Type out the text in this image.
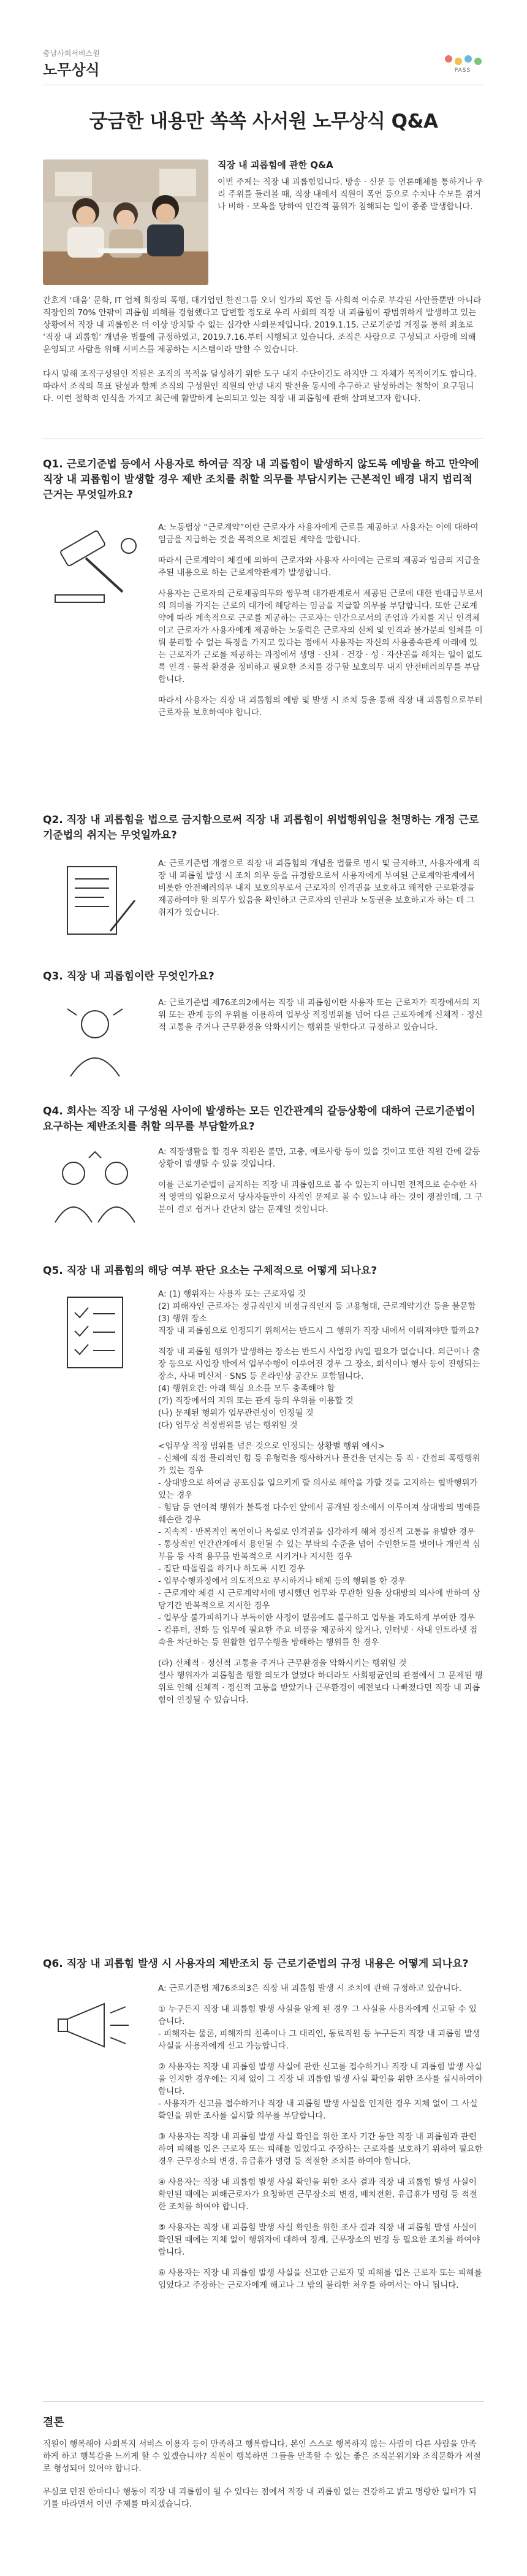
충남사회서비스원
노무상식	PASS
궁금한 내용만 쏙쏙 사서원 노무상식 Q&A
직장 내 괴롭힘에 관한 Q&A

이번 주제는 직장 내 괴롭힘입니다. 방송 · 신문 등 언론매체를 통하거나 우리 주위를 둘러볼 때, 직장 내에서 직원이 폭언 등으로 수치나 수모를 겪거나 비하 · 모욕을 당하여 인간적 품위가 침해되는 일이 종종 발생합니다.

간호계 ‘태움’ 문화, IT 업체 회장의 폭행, 대기업인 한진그룹 오너 일가의 폭언 등 사회적 이슈로 부각된 사안들뿐만 아니라 직장인의 70% 안팎이 괴롭힘 피해를 경험했다고 답변할 정도로 우리 사회의 직장 내 괴롭힘이 광범위하게 발생하고 있는 상황에서 직장 내 괴롭힘은 더 이상 방치할 수 없는 심각한 사회문제입니다. 2019.1.15. 근로기준법 개정을 통해 최초로 ‘직장 내 괴롭힘’ 개념을 법률에 규정하였고, 2019.7.16.부터 시행되고 있습니다. 조직은 사람으로 구성되고 사람에 의해 운영되고 사람을 위해 서비스를 제공하는 시스템이라 말할 수 있습니다.

다시 말해 조직구성원인 직원은 조직의 목적을 달성하기 위한 도구 내지 수단이긴도 하지만 그 자체가 목적이기도 합니다. 따라서 조직의 목표 달성과 함께 조직의 구성원인 직원의 안녕 내지 발전을 동시에 추구하고 달성하려는 철학이 요구됩니다. 이런 철학적 인식을 가지고 최근에 활발하게 논의되고 있는 직장 내 괴롭힘에 관해 살펴보고자 합니다.

Q1. 근로기준법 등에서 사용자로 하여금 직장 내 괴롭힘이 발생하지 않도록 예방을 하고 만약에 직장 내 괴롭힘이 발생할 경우 제반 조치를 취할 의무를 부담시키는 근본적인 배경 내지 법리적 근거는 무엇일까요?

A: 노동법상 “근로계약”이란 근로자가 사용자에게 근로를 제공하고 사용자는 이에 대하여 임금을 지급하는 것을 목적으로 체결된 계약을 말합니다.

따라서 근로계약이 체결에 의하여 근로자와 사용자 사이에는 근로의 제공과 임금의 지급을 주된 내용으로 하는 근로계약관계가 발생합니다.

사용자는 근로자의 근로제공의무와 쌍무적 대가관계로서 제공된 근로에 대한 반대급부로서의 의미를 가지는 근로의 대가에 해당하는 임금을 지급할 의무를 부담합니다. 또한 근로계약에 따라 계속적으로 근로를 제공하는 근로자는 인간으로서의 존엄과 가치를 지닌 인격체이고 근로자가 사용자에게 제공하는 노동력은 근로자의 신체 및 인격과 불가분의 일체를 이뤄 분리할 수 없는 특징을 가지고 있다는 점에서 사용자는 자신의 사용종속관계 아래에 있는 근로자가 근로를 제공하는 과정에서 생명 · 신체 · 건강 · 성 · 자산권을 해치는 일이 없도록 인격 · 물적 환경을 정비하고 필요한 조치를 강구할 보호의무 내지 안전배려의무를 부담합니다.

따라서 사용자는 직장 내 괴롭힘의 예방 및 발생 시 조치 등을 통해 직장 내 괴롭힘으로부터 근로자를 보호하여야 합니다.

Q2. 직장 내 괴롭힘을 법으로 금지함으로써 직장 내 괴롭힘이 위법행위임을 천명하는 개정 근로기준법의 취지는 무엇일까요?

A: 근로기준법 개정으로 직장 내 괴롭힘의 개념을 법률로 명시 및 금지하고, 사용자에게 직장 내 괴롭힘 발생 시 조치 의무 등을 규정함으로서 사용자에게 부여된 근로계약관계에서 비롯한 안전배려의무 내지 보호의무로서 근로자의 인격권을 보호하고 쾌적한 근로환경을 제공하여야 할 의무가 있음을 확인하고 근로자의 인권과 노동권을 보호하고자 하는 데 그 취지가 있습니다.

Q3. 직장 내 괴롭힘이란 무엇인가요?

A: 근로기준법 제76조의2에서는 직장 내 괴롭힘이란 사용자 또는 근로자가 직장에서의 지위 또는 관계 등의 우위를 이용하여 업무상 적정범위를 넘어 다른 근로자에게 신체적 · 정신적 고통을 주거나 근무환경을 악화시키는 행위를 말한다고 규정하고 있습니다.

Q4. 회사는 직장 내 구성원 사이에 발생하는 모든 인간관계의 갈등상황에 대하여 근로기준법이 요구하는 제반조치를 취할 의무를 부담할까요?

A: 직장생활을 할 경우 직원은 불만, 고충, 애로사항 등이 있을 것이고 또한 직원 간에 갈등상황이 발생할 수 있을 것입니다.

이를 근로기준법이 금지하는 직장 내 괴롭힘으로 볼 수 있는지 아니면 전적으로 순수한 사적 영역의 일환으로서 당사자들만이 사적인 문제로 볼 수 있느냐 하는 것이 쟁점인데, 그 구분이 결코 쉽거나 간단치 않는 문제일 것입니다.

Q5. 직장 내 괴롭힘의 해당 여부 판단 요소는 구체적으로 어떻게 되나요?

A: (1) 행위자는 사용자 또는 근로자일 것
(2) 피해자인 근로자는 정규직인지 비정규직인지 등 고용형태, 근로계약기간 등을 불문함
(3) 행위 장소
직장 내 괴롭힘으로 인정되기 위해서는 반드시 그 행위가 직장 내에서 이뤄져야만 할까요?

직장 내 괴롭힘 행위가 발생하는 장소는 반드시 사업장 內일 필요가 없습니다. 외근이나 출장 등으로 사업장 밖에서 업무수행이 이루어진 경우 그 장소, 회식이나 행사 등이 진행되는 장소, 사내 메신저 · SNS 등 온라인상 공간도 포함됩니다.
(4) 행위요건: 아래 핵심 요소를 모두 충족해야 함
(가) 직장에서의 지위 또는 관계 등의 우위를 이용할 것
(나) 문제된 행위가 업무관련성이 인정될 것
(다) 업무상 적정범위를 넘는 행위일 것

<업무상 적정 범위를 넘은 것으로 인정되는 상황별 행위 예시>
- 신체에 직접 물리적인 힘 등 유형력을 행사하거나 물건을 던지는 등 직 · 간접의 폭행행위가 있는 경우
- 상대방으로 하여금 공포심을 일으키게 할 의사로 해악을 가할 것을 고지하는 협박행위가 있는 경우
- 험담 등 언어적 행위가 불특정 다수인 앞에서 공개된 장소에서 이루어져 상대방의 명예를 훼손한 경우
- 지속적 · 반복적인 폭언이나 욕설로 인격권을 심각하게 해쳐 정신적 고통을 유발한 경우
- 통상적인 인간관계에서 용인될 수 있는 부탁의 수준을 넘어 수인한도를 벗어나 개인적 심부름 등 사적 용무를 반복적으로 시키거나 지시한 경우
- 집단 따돌림을 하거나 하도록 시킨 경우
- 업무수행과정에서 의도적으로 무시하거나 배제 등의 행위를 한 경우
- 근로계약 체결 시 근로계약서에 명시했던 업무와 무관한 일을 상대방의 의사에 반하여 상당기간 반복적으로 지시한 경우
- 업무상 불가피하거나 부득이한 사정이 없음에도 불구하고 업무를 과도하게 부여한 경우
- 컴퓨터, 전화 등 업무에 필요한 주요 비품을 제공하지 않거나, 인터넷 · 사내 인트라넷 접속을 차단하는 등 원활한 업무수행을 방해하는 행위를 한 경우

(라) 신체적 · 정신적 고통을 주거나 근무환경을 악화시키는 행위일 것
설사 행위자가 괴롭힘을 행할 의도가 없었다 하더라도 사회평균인의 관점에서 그 문제된 행위로 인해 신체적 · 정신적 고통을 받았거나 근무환경이 예전보다 나빠졌다면 직장 내 괴롭힘이 인정될 수 있습니다.

Q6. 직장 내 괴롭힘 발생 시 사용자의 제반조치 등 근로기준법의 규정 내용은 어떻게 되나요?

A: 근로기준법 제76조의3은 직장 내 괴롭힘 발생 시 조치에 관해 규정하고 있습니다.

① 누구든지 직장 내 괴롭힘 발생 사실을 알게 된 경우 그 사실을 사용자에게 신고할 수 있습니다.
- 피해자는 물론, 피해자의 친족이나 그 대리인, 동료직원 등 누구든지 직장 내 괴롭힘 발생사실을 사용자에게 신고 가능합니다.

② 사용자는 직장 내 괴롭힘 발생 사실에 관한 신고를 접수하거나 직장 내 괴롭힘 발생 사실을 인지한 경우에는 지체 없이 그 직장 내 괴롭힘 발생 사실 확인을 위한 조사를 실시하여야 합니다.
- 사용자가 신고를 접수하거나 직장 내 괴롭힘 발생 사실을 인지한 경우 지체 없이 그 사실 확인을 위한 조사를 실시할 의무를 부담합니다.

③ 사용자는 직장 내 괴롭힘 발생 사실 확인을 위한 조사 기간 동안 직장 내 괴롭힘과 관련하여 피해를 입은 근로자 또는 피해를 입었다고 주장하는 근로자를 보호하기 위하여 필요한 경우 근무장소의 변경, 유급휴가 명령 등 적절한 조치를 하여야 합니다.

④ 사용자는 직장 내 괴롭힘 발생 사실 확인을 위한 조사 결과 직장 내 괴롭힘 발생 사실이 확인된 때에는 피해근로자가 요청하면 근무장소의 변경, 배치전환, 유급휴가 명령 등 적절한 조치를 하여야 합니다.

⑤ 사용자는 직장 내 괴롭힘 발생 사실 확인을 위한 조사 결과 직장 내 괴롭힘 발생 사실이 확인된 때에는 지체 없이 행위자에 대하여 징계, 근무장소의 변경 등 필요한 조치를 하여야 합니다.

⑥ 사용자는 직장 내 괴롭힘 발생 사실을 신고한 근로자 및 피해를 입은 근로자 또는 피해를 입었다고 주장하는 근로자에게 해고나 그 밖의 불리한 처우를 하여서는 아니 됩니다.

결론

직원이 행복해야 사회복지 서비스 이용자 등이 만족하고 행복합니다. 본인 스스로 행복하지 않는 사람이 다른 사람을 만족하게 하고 행복감을 느끼게 할 수 있겠습니까? 직원이 행복하면 그들을 만족할 수 있는 좋은 조직분위기와 조직문화가 저절로 형성되어 있어야 합니다.

무심코 던진 한마디나 행동이 직장 내 괴롭힘이 될 수 있다는 점에서 직장 내 괴롭힘 없는 건강하고 밝고 명랑한 일터가 되기를 바라면서 이번 주제를 마치겠습니다.
